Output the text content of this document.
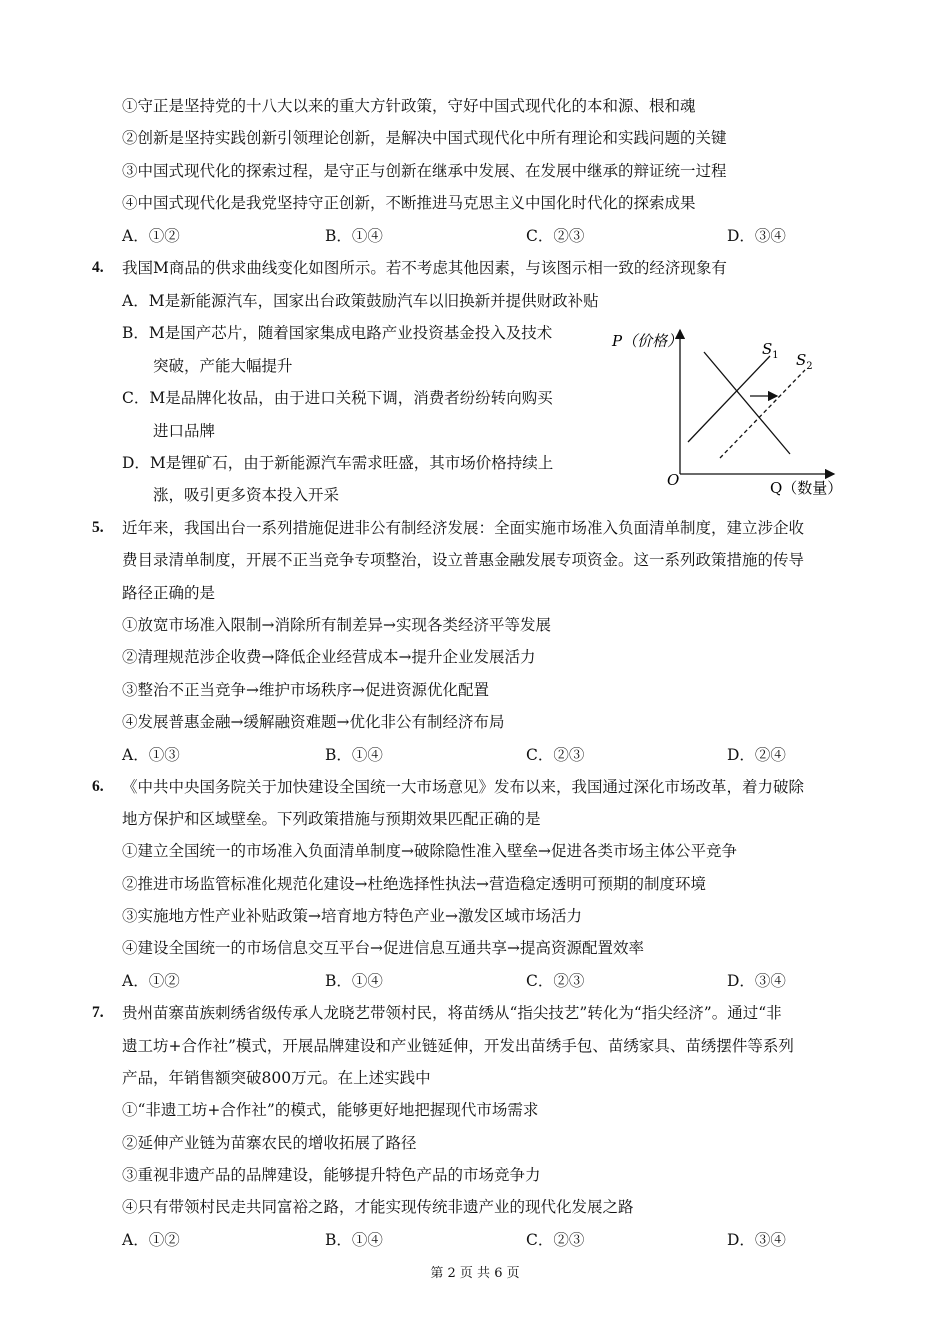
①守正是坚持党的十八大以来的重大方针政策，守好中国式现代化的本和源、根和魂
②创新是坚持实践创新引领理论创新，是解决中国式现代化中所有理论和实践问题的关键
③中国式现代化的探索过程，是守正与创新在继承中发展、在发展中继承的辩证统一过程
④中国式现代化是我党坚持守正创新，不断推进马克思主义中国化时代化的探索成果
A．①②	B．①④	C．②③	D．③④
4. 我国M商品的供求曲线变化如图所示。若不考虑其他因素，与该图示相一致的经济现象有
A．M是新能源汽车，国家出台政策鼓励汽车以旧换新并提供财政补贴
B．M是国产芯片，随着国家集成电路产业投资基金投入及技术
突破，产能大幅提升
C．M是品牌化妆品，由于进口关税下调，消费者纷纷转向购买
进口品牌
D．M是锂矿石，由于新能源汽车需求旺盛，其市场价格持续上
涨，吸引更多资本投入开采
P（价格）
Q（数量）
O
$S_1$ $S_2$
5. 近年来，我国出台一系列措施促进非公有制经济发展：全面实施市场准入负面清单制度，建立涉企收
费目录清单制度，开展不正当竞争专项整治，设立普惠金融发展专项资金。这一系列政策措施的传导
路径正确的是
①放宽市场准入限制→消除所有制差异→实现各类经济平等发展
②清理规范涉企收费→降低企业经营成本→提升企业发展活力
③整治不正当竞争→维护市场秩序→促进资源优化配置
④发展普惠金融→缓解融资难题→优化非公有制经济布局
A．①③	B．①④	C．②③	D．②④
6. 《中共中央国务院关于加快建设全国统一大市场意见》发布以来，我国通过深化市场改革，着力破除
地方保护和区域壁垒。下列政策措施与预期效果匹配正确的是
①建立全国统一的市场准入负面清单制度→破除隐性准入壁垒→促进各类市场主体公平竞争
②推进市场监管标准化规范化建设→杜绝选择性执法→营造稳定透明可预期的制度环境
③实施地方性产业补贴政策→培育地方特色产业→激发区域市场活力
④建设全国统一的市场信息交互平台→促进信息互通共享→提高资源配置效率
A．①②	B．①④	C．②③	D．③④
7. 贵州苗寨苗族刺绣省级传承人龙晓艺带领村民，将苗绣从“指尖技艺”转化为“指尖经济”。通过“非
遗工坊+合作社”模式，开展品牌建设和产业链延伸，开发出苗绣手包、苗绣家具、苗绣摆件等系列
产品，年销售额突破800万元。在上述实践中
①“非遗工坊+合作社”的模式，能够更好地把握现代市场需求
②延伸产业链为苗寨农民的增收拓展了路径
③重视非遗产品的品牌建设，能够提升特色产品的市场竞争力
④只有带领村民走共同富裕之路，才能实现传统非遗产业的现代化发展之路
A．①②	B．①④	C．②③	D．③④
第 2 页 共 6 页
